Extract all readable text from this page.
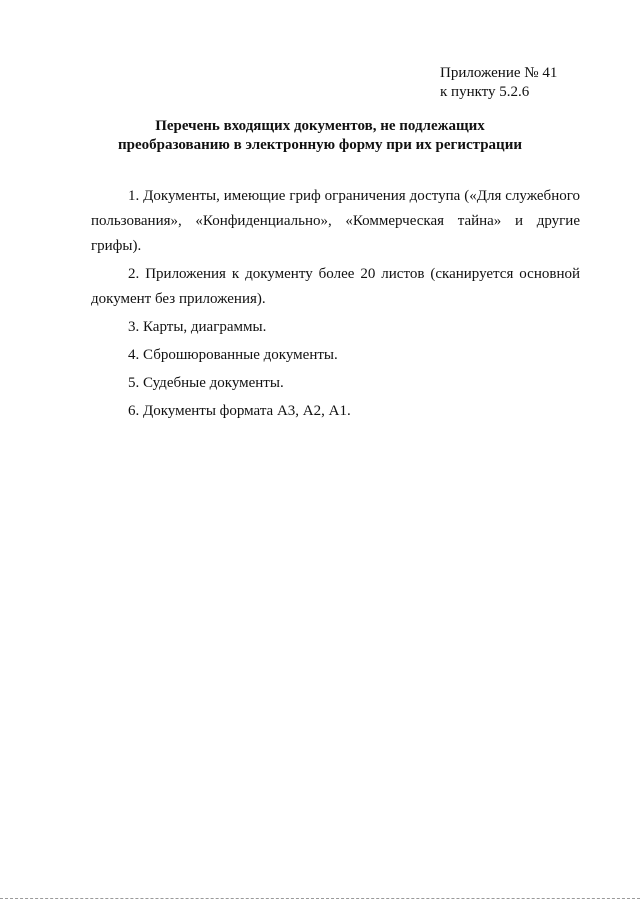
Приложение № 41
к пункту 5.2.6
Перечень входящих документов, не подлежащих
преобразованию в электронную форму при их регистрации

1. Документы, имеющие гриф ограничения доступа («Для служебного пользования», «Конфиденциально», «Коммерческая тайна» и другие грифы).

2. Приложения к документу более 20 листов (сканируется основной документ без приложения).

3. Карты, диаграммы.

4. Сброшюрованные документы.

5. Судебные документы.

6. Документы формата А3, А2, А1.
